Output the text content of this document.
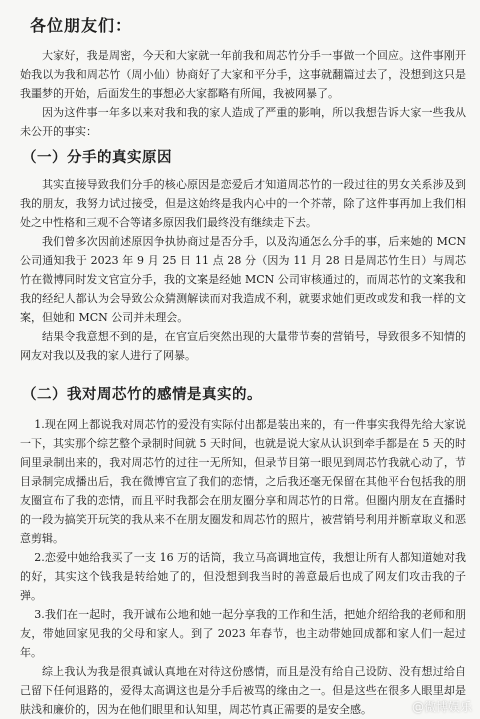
各位朋友们：

大家好，我是周密，今天和大家就一年前我和周芯竹分手一事做一个回应。这件事刚开始我以为我和周芯竹（周小仙）协商好了大家和平分手，这事就翻篇过去了，没想到这只是我噩梦的开始，后面发生的事想必大家都略有所闻，我被网暴了。

因为这件事一年多以来对我和我的家人造成了严重的影响，所以我想告诉大家一些我从未公开的事实：

（一）分手的真实原因

其实直接导致我们分手的核心原因是恋爱后才知道周芯竹的一段过往的男女关系涉及到我的朋友，我努力试过接受，但是这始终是我内心中的一个芥蒂，除了这件事再加上我们相处之中性格和三观不合等诸多原因我们最终没有继续走下去。

我们曾多次因前述原因争执协商过是否分手，以及沟通怎么分手的事，后来她的 MCN 公司通知我于 2023 年 9 月 25 日 11 点 28 分（因为 11 月 28 日是周芯竹生日）与周芯竹在微博同时发文官宣分手，我的文案是经她 MCN 公司审核通过的，而周芯竹的文案我和我的经纪人都认为会导致公众猜测解读而对我造成不利，就要求她们更改或发和我一样的文案，但她和 MCN 公司并未理会。

结果令我意想不到的是，在官宣后突然出现的大量带节奏的营销号，导致很多不知情的网友对我以及我的家人进行了网暴。

（二）我对周芯竹的感情是真实的。

1.现在网上都说我对周芯竹的爱没有实际付出都是装出来的，有一件事实我得先给大家说一下，其实那个综艺整个录制时间就 5 天时间，也就是说大家从认识到牵手都是在 5 天的时间里录制出来的，我对周芯竹的过往一无所知，但录节目第一眼见到周芯竹我就心动了，节目录制完成播出后，我在微博官宣了我们的恋情，之后我还毫无保留在其他平台包括我的朋友圈宣布了我的恋情，而且平时我都会在朋友圈分享和周芯竹的日常。但圈内朋友在直播时的一段为搞笑开玩笑的我从来不在朋友圈发和周芯竹的照片，被营销号利用并断章取义和恶意剪辑。

2.恋爱中她给我买了一支 16 万的话筒，我立马高调地宣传，我想让所有人都知道她对我的好，其实这个钱我是转给她了的，但没想到我当时的善意最后也成了网友们攻击我的子弹。

3.我们在一起时，我开诚布公地和她一起分享我的工作和生活，把她介绍给我的老师和朋友，带她回家见我的父母和家人。到了 2023 年春节，也主动带她回成都和家人们一起过年。

综上我认为我是很真诚认真地在对待这份感情，而且是没有给自己设防、没有想过给自己留下任何退路的，爱得太高调这也是分手后被骂的缘由之一。但是这些在很多人眼里却是肤浅和廉价的，因为在他们眼里和认知里，周芯竹真正需要的是安全感。	@微博娱乐
